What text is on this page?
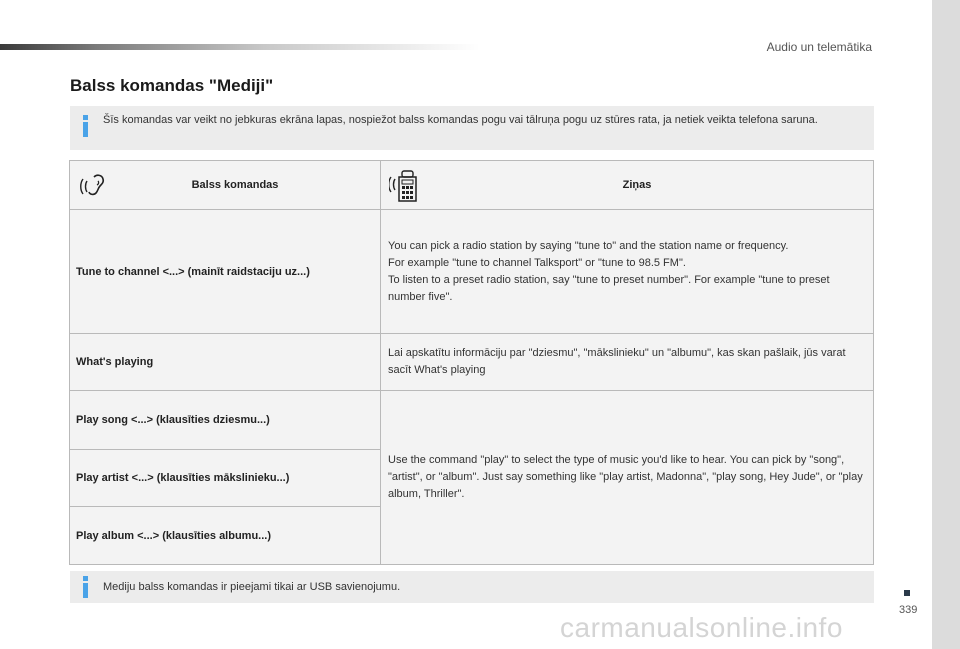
Audio un telemātika
Balss komandas "Mediji"
Šīs komandas var veikt no jebkuras ekrāna lapas, nospiežot balss komandas pogu vai tālruņa pogu uz stūres rata, ja netiek veikta telefona saruna.
Balss komandas	Ziņas
Tune to channel <...> (mainīt raidstaciju uz...)	You can pick a radio station by saying "tune to" and the station name or frequency.
For example "tune to channel Talksport" or "tune to 98.5 FM".
To listen to a preset radio station, say "tune to preset number". For example "tune to preset number five".

What's playing	Lai apskatītu informāciju par "dziesmu", "mākslinieku" un "albumu", kas skan pašlaik, jūs varat sacīt What's playing
Play song <...> (klausīties dziesmu...)	Use the command "play" to select the type of music you'd like to hear. You can pick by "song", "artist", or "album". Just say something like "play artist, Madonna", "play song, Hey Jude", or "play album, Thriller".
Play artist <...> (klausīties mākslinieku...)	
Play album <...> (klausīties albumu...)	
Mediju balss komandas ir pieejami tikai ar USB savienojumu.
339
carmanualsonline.info
